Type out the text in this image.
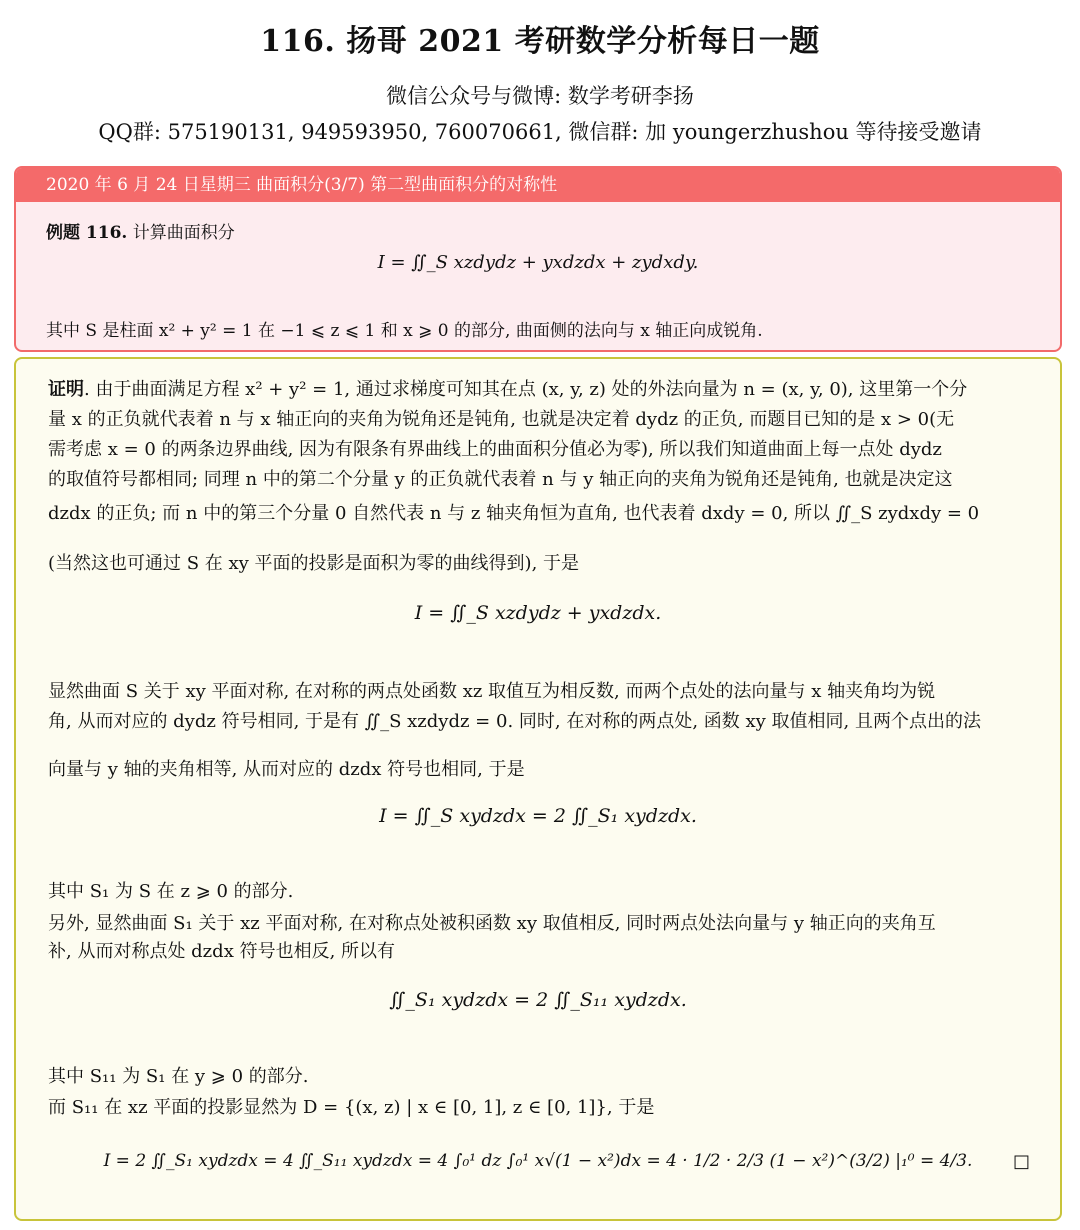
116. 扬哥 2021 考研数学分析每日一题
微信公众号与微博: 数学考研李扬
QQ群: 575190131, 949593950, 760070661, 微信群: 加 youngerzhushou 等待接受邀请
2020 年 6 月 24 日星期三 曲面积分(3/7) 第二型曲面积分的对称性
例题 116. 计算曲面积分
I = ∬_S xzdydz + yxdzdx + zydxdy.
其中 S 是柱面 x² + y² = 1 在 −1 ⩽ z ⩽ 1 和 x ⩾ 0 的部分, 曲面侧的法向与 x 轴正向成锐角.
证明. 由于曲面满足方程 x² + y² = 1, 通过求梯度可知其在点 (x, y, z) 处的外法向量为 n = (x, y, 0), 这里第一个分
量 x 的正负就代表着 n 与 x 轴正向的夹角为锐角还是钝角, 也就是决定着 dydz 的正负, 而题目已知的是 x > 0(无
需考虑 x = 0 的两条边界曲线, 因为有限条有界曲线上的曲面积分值必为零), 所以我们知道曲面上每一点处 dydz
的取值符号都相同; 同理 n 中的第二个分量 y 的正负就代表着 n 与 y 轴正向的夹角为锐角还是钝角, 也就是决定这
dzdx 的正负; 而 n 中的第三个分量 0 自然代表 n 与 z 轴夹角恒为直角, 也代表着 dxdy = 0, 所以 ∬_S zydxdy = 0
(当然这也可通过 S 在 xy 平面的投影是面积为零的曲线得到), 于是
I = ∬_S xzdydz + yxdzdx.
显然曲面 S 关于 xy 平面对称, 在对称的两点处函数 xz 取值互为相反数, 而两个点处的法向量与 x 轴夹角均为锐
角, 从而对应的 dydz 符号相同, 于是有 ∬_S xzdydz = 0. 同时, 在对称的两点处, 函数 xy 取值相同, 且两个点出的法
向量与 y 轴的夹角相等, 从而对应的 dzdx 符号也相同, 于是
I = ∬_S xydzdx = 2 ∬_S₁ xydzdx.
其中 S₁ 为 S 在 z ⩾ 0 的部分.
另外, 显然曲面 S₁ 关于 xz 平面对称, 在对称点处被积函数 xy 取值相反, 同时两点处法向量与 y 轴正向的夹角互
补, 从而对称点处 dzdx 符号也相反, 所以有
∬_S₁ xydzdx = 2 ∬_S₁₁ xydzdx.
其中 S₁₁ 为 S₁ 在 y ⩾ 0 的部分.
而 S₁₁ 在 xz 平面的投影显然为 D = {(x, z) | x ∈ [0, 1], z ∈ [0, 1]}, 于是
I = 2 ∬_S₁ xydzdx = 4 ∬_S₁₁ xydzdx = 4 ∫₀¹ dz ∫₀¹ x√(1 − x²)dx = 4 · 1/2 · 2/3 (1 − x²)^(3/2) |₁⁰ = 4/3.	□
